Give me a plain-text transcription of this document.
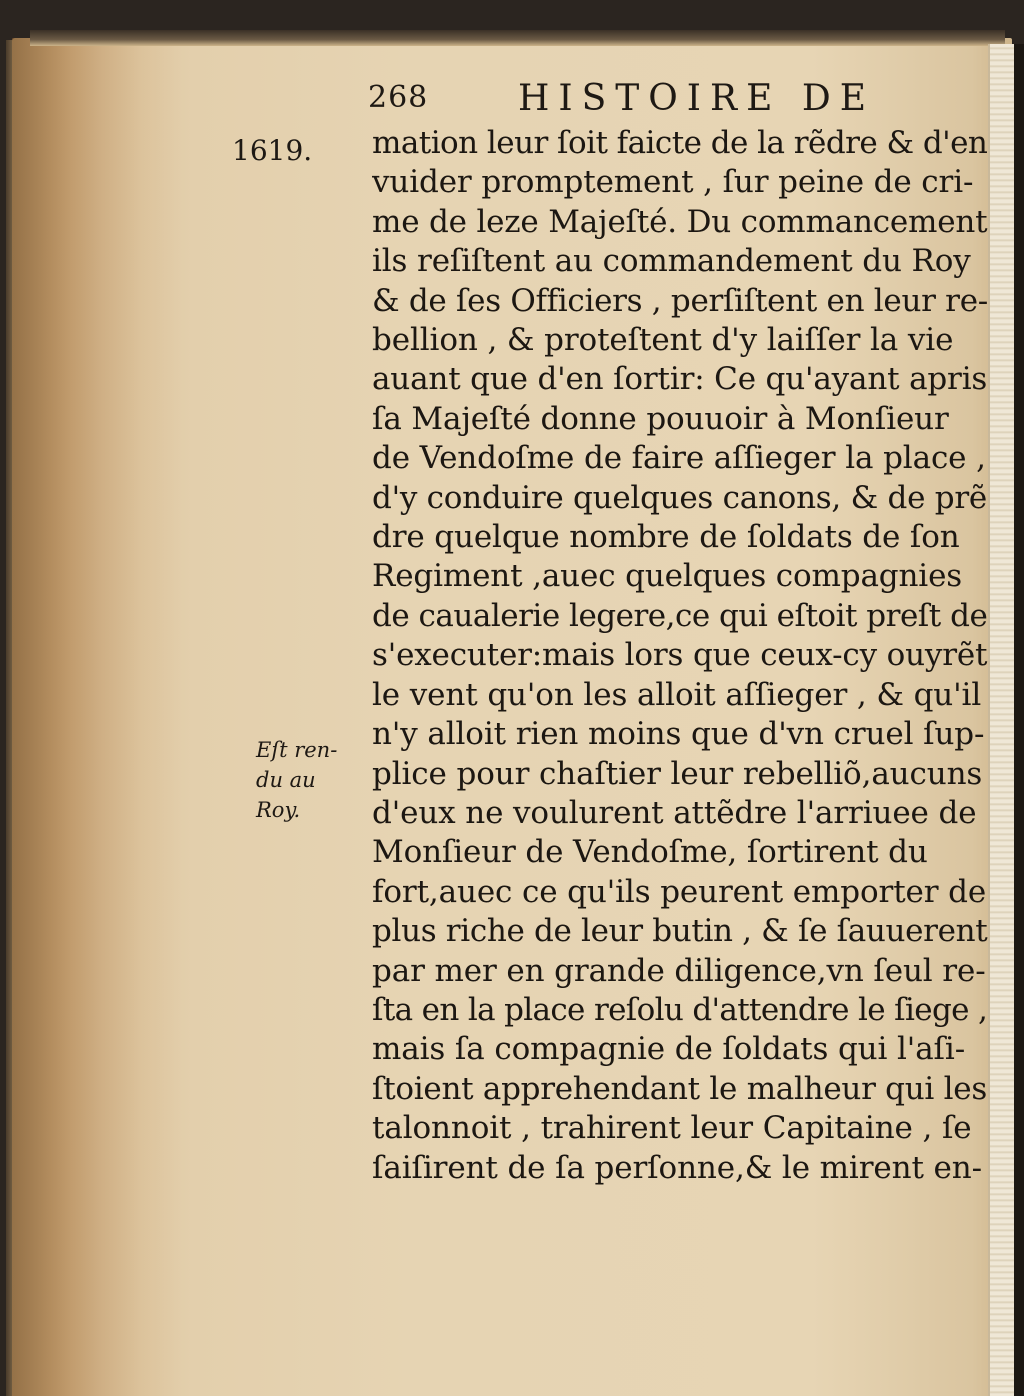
268 HISTOIRE DE
1619.
Eſt ren-
du au
Roy.
mation leur ſoit faicte de la rẽdre & d'en
vuider promptement , ſur peine de cri-
me de leze Majeſté. Du commancement
ils reſiſtent au commandement du Roy
& de ſes Officiers , perſiſtent en leur re-
bellion , & proteſtent d'y laiſſer la vie
auant que d'en ſortir: Ce qu'ayant apris
ſa Majeſté donne pouuoir à Monſieur
de Vendoſme de faire aſſieger la place ,
d'y conduire quelques canons, & de prẽ
dre quelque nombre de ſoldats de ſon
Regiment ,auec quelques compagnies
de caualerie legere,ce qui eſtoit preſt de
s'executer:mais lors que ceux-cy ouyrẽt
le vent qu'on les alloit aſſieger , & qu'il
n'y alloit rien moins que d'vn cruel ſup-
plice pour chaſtier leur rebelliõ,aucuns
d'eux ne voulurent attẽdre l'arriuee de
Monſieur de Vendoſme, ſortirent du
fort,auec ce qu'ils peurent emporter de
plus riche de leur butin , & ſe ſauuerent
par mer en grande diligence,vn ſeul re-
ſta en la place reſolu d'attendre le ſiege ,
mais ſa compagnie de ſoldats qui l'aſi-
ſtoient apprehendant le malheur qui les
talonnoit , trahirent leur Capitaine , ſe
ſaiſirent de ſa perſonne,& le mirent en-
